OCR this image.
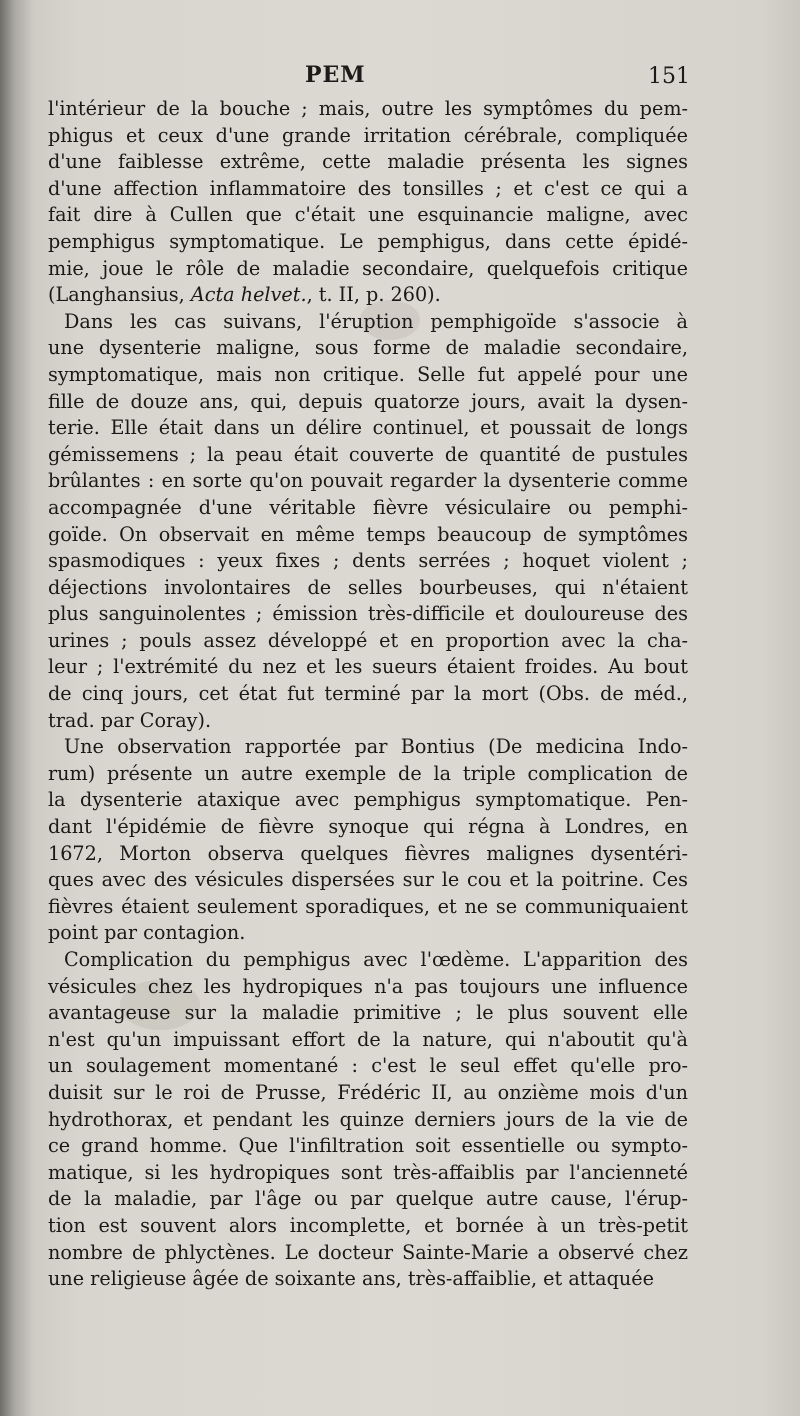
PEM	151
l'intérieur de la bouche ; mais, outre les symptômes du pem-
phigus et ceux d'une grande irritation cérébrale, compliquée
d'une faiblesse extrême, cette maladie présenta les signes
d'une affection inflammatoire des tonsilles ; et c'est ce qui a
fait dire à Cullen que c'était une esquinancie maligne, avec
pemphigus symptomatique. Le pemphigus, dans cette épidé-
mie, joue le rôle de maladie secondaire, quelquefois critique
(Langhansius, Acta helvet., t. II, p. 260).
Dans les cas suivans, l'éruption pemphigoïde s'associe à
une dysenterie maligne, sous forme de maladie secondaire,
symptomatique, mais non critique. Selle fut appelé pour une
fille de douze ans, qui, depuis quatorze jours, avait la dysen-
terie. Elle était dans un délire continuel, et poussait de longs
gémissemens ; la peau était couverte de quantité de pustules
brûlantes : en sorte qu'on pouvait regarder la dysenterie comme
accompagnée d'une véritable fièvre vésiculaire ou pemphi-
goïde. On observait en même temps beaucoup de symptômes
spasmodiques : yeux fixes ; dents serrées ; hoquet violent ;
déjections involontaires de selles bourbeuses, qui n'étaient
plus sanguinolentes ; émission très-difficile et douloureuse des
urines ; pouls assez développé et en proportion avec la cha-
leur ; l'extrémité du nez et les sueurs étaient froides. Au bout
de cinq jours, cet état fut terminé par la mort (Obs. de méd.,
trad. par Coray).
Une observation rapportée par Bontius (De medicina Indo-
rum) présente un autre exemple de la triple complication de
la dysenterie ataxique avec pemphigus symptomatique. Pen-
dant l'épidémie de fièvre synoque qui régna à Londres, en
1672, Morton observa quelques fièvres malignes dysentéri-
ques avec des vésicules dispersées sur le cou et la poitrine. Ces
fièvres étaient seulement sporadiques, et ne se communiquaient
point par contagion.
Complication du pemphigus avec l'œdème. L'apparition des
vésicules chez les hydropiques n'a pas toujours une influence
avantageuse sur la maladie primitive ; le plus souvent elle
n'est qu'un impuissant effort de la nature, qui n'aboutit qu'à
un soulagement momentané : c'est le seul effet qu'elle pro-
duisit sur le roi de Prusse, Frédéric II, au onzième mois d'un
hydrothorax, et pendant les quinze derniers jours de la vie de
ce grand homme. Que l'infiltration soit essentielle ou sympto-
matique, si les hydropiques sont très-affaiblis par l'ancienneté
de la maladie, par l'âge ou par quelque autre cause, l'érup-
tion est souvent alors incomplette, et bornée à un très-petit
nombre de phlyctènes. Le docteur Sainte-Marie a observé chez
une religieuse âgée de soixante ans, très-affaiblie, et attaquée
